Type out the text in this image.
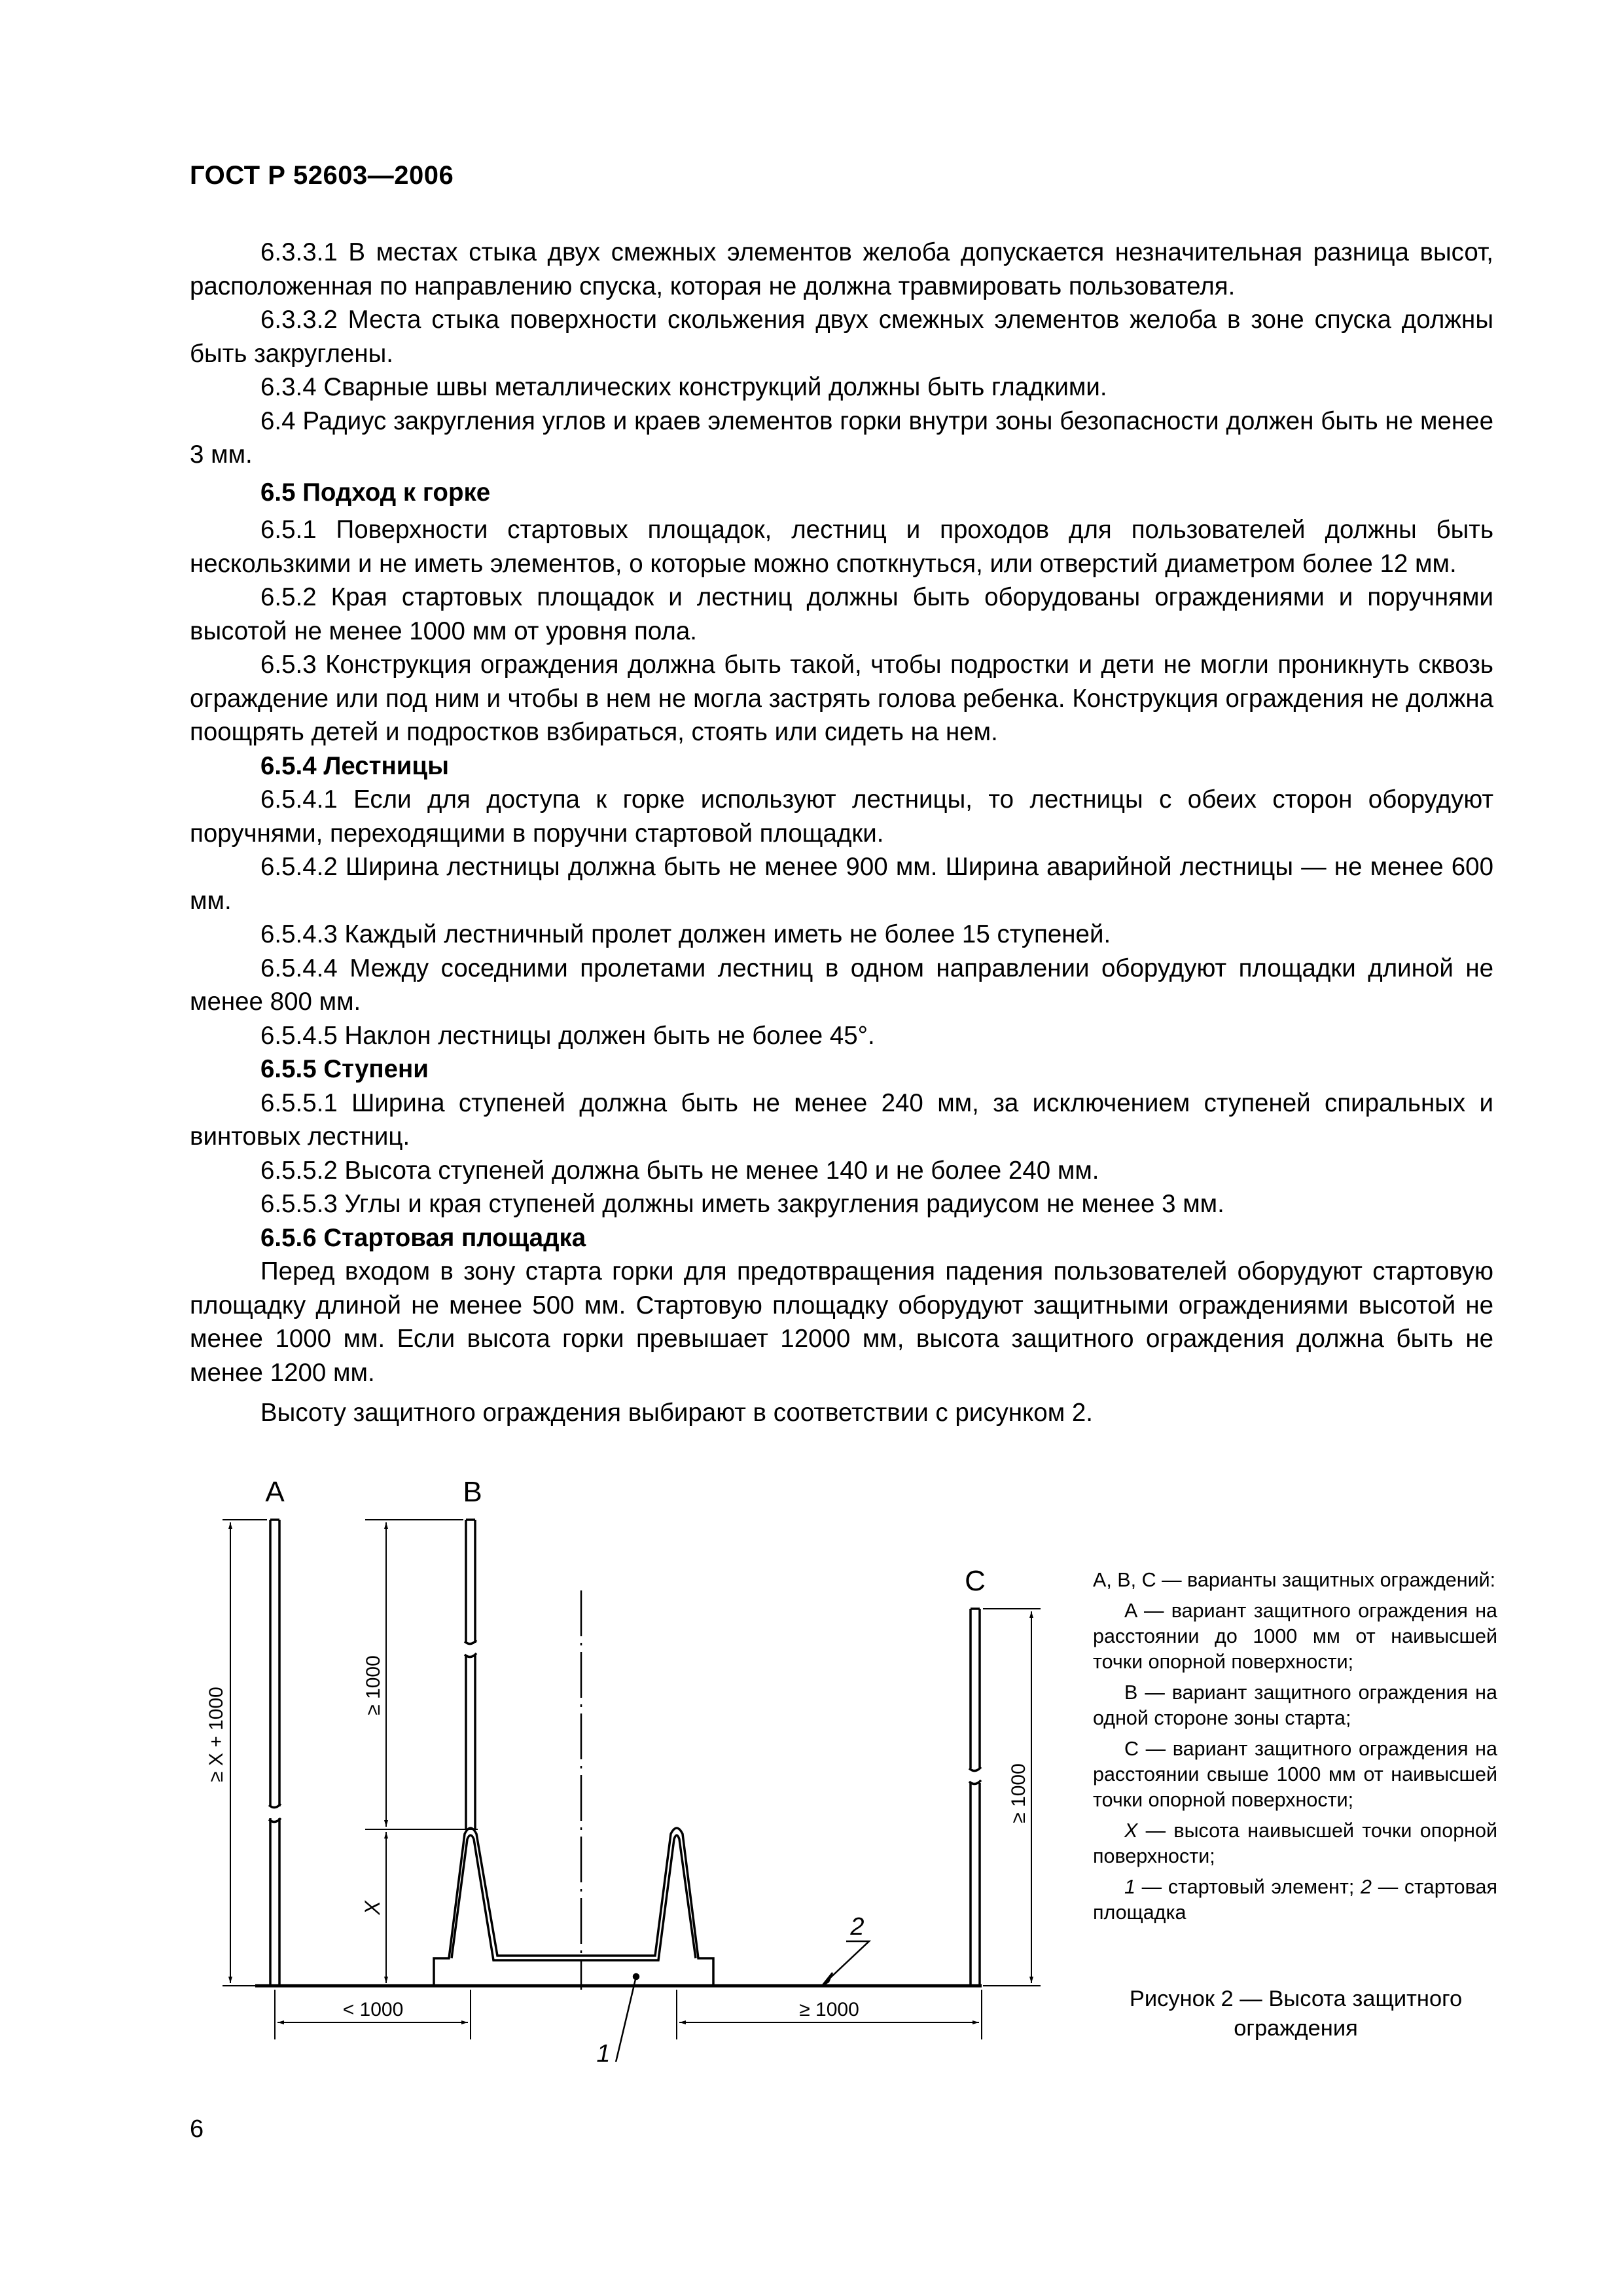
ГОСТ Р 52603—2006

6.3.3.1 В местах стыка двух смежных элементов желоба допускается незначительная разница высот, расположенная по направлению спуска, которая не должна травмировать пользователя.

6.3.3.2 Места стыка поверхности скольжения двух смежных элементов желоба в зоне спуска должны быть закруглены.

6.3.4 Сварные швы металлических конструкций должны быть гладкими.

6.4 Радиус закругления углов и краев элементов горки внутри зоны безопасности должен быть не менее 3 мм.

6.5 Подход к горке

6.5.1 Поверхности стартовых площадок, лестниц и проходов для пользователей должны быть нескользкими и не иметь элементов, о которые можно споткнуться, или отверстий диаметром более 12 мм.

6.5.2 Края стартовых площадок и лестниц должны быть оборудованы ограждениями и поручнями высотой не менее 1000 мм от уровня пола.

6.5.3 Конструкция ограждения должна быть такой, чтобы подростки и дети не могли проникнуть сквозь ограждение или под ним и чтобы в нем не могла застрять голова ребенка. Конструкция ограждения не должна поощрять детей и подростков взбираться, стоять или сидеть на нем.

6.5.4 Лестницы

6.5.4.1 Если для доступа к горке используют лестницы, то лестницы с обеих сторон оборудуют поручнями, переходящими в поручни стартовой площадки.

6.5.4.2 Ширина лестницы должна быть не менее 900 мм. Ширина аварийной лестницы — не менее 600 мм.

6.5.4.3 Каждый лестничный пролет должен иметь не более 15 ступеней.

6.5.4.4 Между соседними пролетами лестниц в одном направлении оборудуют площадки длиной не менее 800 мм.

6.5.4.5 Наклон лестницы должен быть не более 45°.

6.5.5 Ступени

6.5.5.1 Ширина ступеней должна быть не менее 240 мм, за исключением ступеней спиральных и винтовых лестниц.

6.5.5.2 Высота ступеней должна быть не менее 140 и не более 240 мм.

6.5.5.3 Углы и края ступеней должны иметь закругления радиусом не менее 3 мм.

6.5.6 Стартовая площадка

Перед входом в зону старта горки для предотвращения падения пользователей оборудуют стартовую площадку длиной не менее 500 мм. Стартовую площадку оборудуют защитными ограждениями высотой не менее 1000 мм. Если высота горки превышает 12000 мм, высота защитного ограждения должна быть не менее 1200 мм.

Высоту защитного ограждения выбирают в соответствии с рисунком 2.

A	B
C
≥ X + 1000
≥ 1000
X
≥ 1000
< 1000	≥ 1000
1
2

A, B, C — варианты защитных ограждений:

A — вариант защитного ограждения на расстоянии до 1000 мм от наивысшей точки опорной поверхности;

B — вариант защитного ограждения на одной стороне зоны старта;

C — вариант защитного ограждения на расстоянии свыше 1000 мм от наивысшей точки опорной поверхности;

X — высота наивысшей точки опорной поверхности;

1 — стартовый элемент; 2 — стартовая площадка

Рисунок 2 — Высота защитного ограждения
6
